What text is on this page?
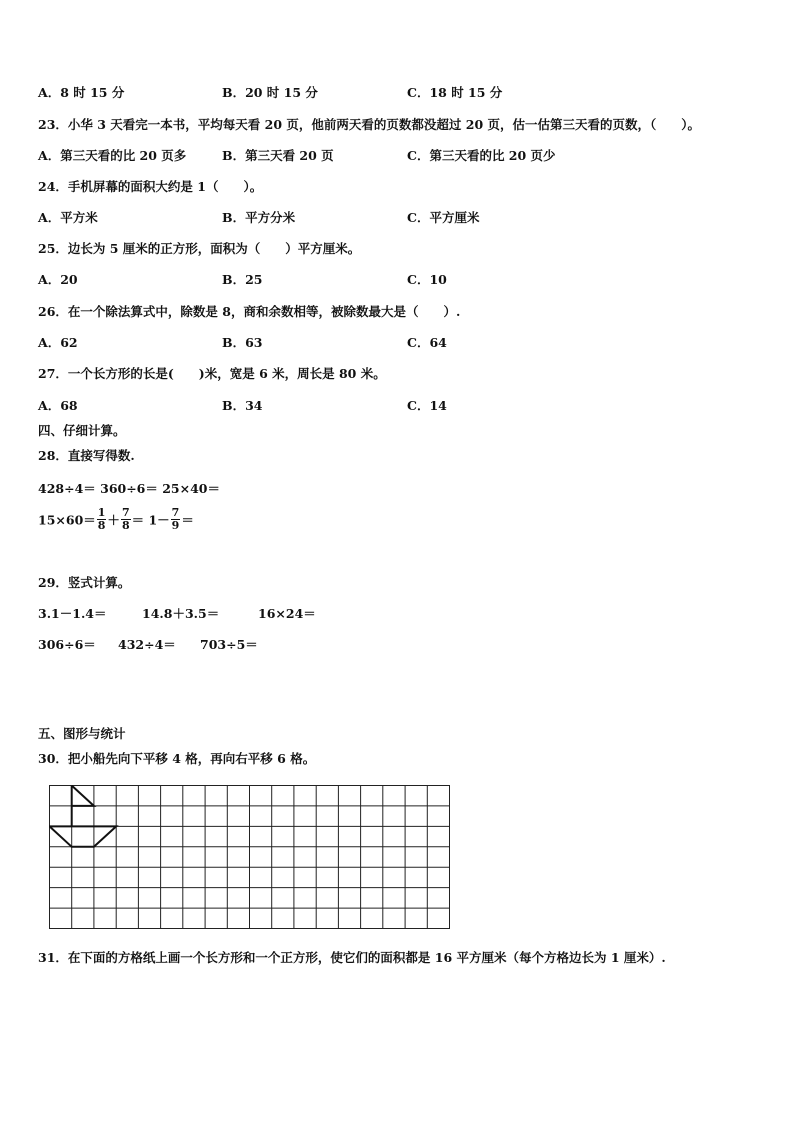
A．8 时 15 分	B．20 时 15 分	C．18 时 15 分
23．小华 3 天看完一本书，平均每天看 20 页，他前两天看的页数都没超过 20 页，估一估第三天看的页数，（　　）。
A．第三天看的比 20 页多	B．第三天看 20 页	C．第三天看的比 20 页少
24．手机屏幕的面积大约是 1（　　）。
A．平方米	B．平方分米	C．平方厘米
25．边长为 5 厘米的正方形，面积为（　　）平方厘米。
A．20	B．25	C．10
26．在一个除法算式中，除数是 8，商和余数相等，被除数最大是（　　）.
A．62	B．63	C．64
27．一个长方形的长是(　　)米，宽是 6 米，周长是 80 米。
A．68	B．34	C．14
四、仔细计算。
28．直接写得数.
428÷4＝ 360÷6＝ 25×40＝
$15\times 60= \frac{1}{8} + \frac{7}{8} = 1- \frac{7}{9}$ ＝
29．竖式计算。
3.1－1.4＝	14.8＋3.5＝	16×24＝
306÷6＝ 432÷4＝ 703÷5＝
五、图形与统计
30．把小船先向下平移 4 格，再向右平移 6 格。
31．在下面的方格纸上画一个长方形和一个正方形，使它们的面积都是 16 平方厘米（每个方格边长为 1 厘米）.
